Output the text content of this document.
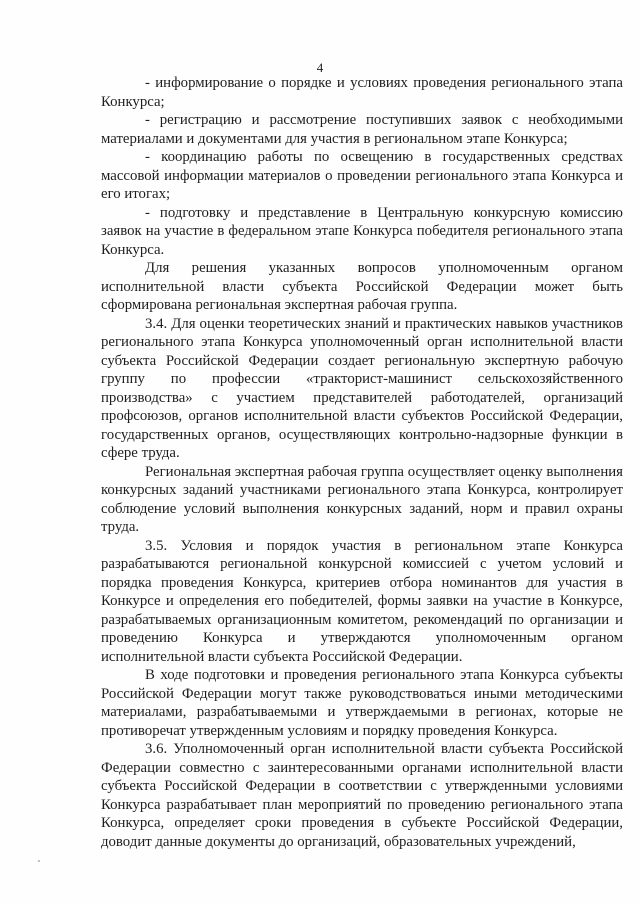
4

- информирование о порядке и условиях проведения регионального этапа Конкурса;

- регистрацию и рассмотрение поступивших заявок с необходимыми материалами и документами для участия в региональном этапе Конкурса;

- координацию работы по освещению в государственных средствах массовой информации материалов о проведении регионального этапа Конкурса и его итогах;

- подготовку и представление в Центральную конкурсную комиссию заявок на участие в федеральном этапе Конкурса победителя регионального этапа Конкурса.

Для решения указанных вопросов уполномоченным органом исполнительной власти субъекта Российской Федерации может быть сформирована региональная экспертная рабочая группа.

3.4. Для оценки теоретических знаний и практических навыков участников регионального этапа Конкурса уполномоченный орган исполнительной власти субъекта Российской Федерации создает региональную экспертную рабочую группу по профессии «тракторист-машинист сельскохозяйственного производства» с участием представителей работодателей, организаций профсоюзов, органов исполнительной власти субъектов Российской Федерации, государственных органов, осуществляющих контрольно-надзорные функции в сфере труда.

Региональная экспертная рабочая группа осуществляет оценку выполнения конкурсных заданий участниками регионального этапа Конкурса, контролирует соблюдение условий выполнения конкурсных заданий, норм и правил охраны труда.

3.5. Условия и порядок участия в региональном этапе Конкурса разрабатываются региональной конкурсной комиссией с учетом условий и порядка проведения Конкурса, критериев отбора номинантов для участия в Конкурсе и определения его победителей, формы заявки на участие в Конкурсе, разрабатываемых организационным комитетом, рекомендаций по организации и проведению Конкурса и утверждаются уполномоченным органом исполнительной власти субъекта Российской Федерации.

В ходе подготовки и проведения регионального этапа Конкурса субъекты Российской Федерации могут также руководствоваться иными методическими материалами, разрабатываемыми и утверждаемыми в регионах, которые не противоречат утвержденным условиям и порядку проведения Конкурса.

3.6. Уполномоченный орган исполнительной власти субъекта Российской Федерации совместно с заинтересованными органами исполнительной власти субъекта Российской Федерации в соответствии с утвержденными условиями Конкурса разрабатывает план мероприятий по проведению регионального этапа Конкурса, определяет сроки проведения в субъекте Российской Федерации, доводит данные документы до организаций, образовательных учреждений,
